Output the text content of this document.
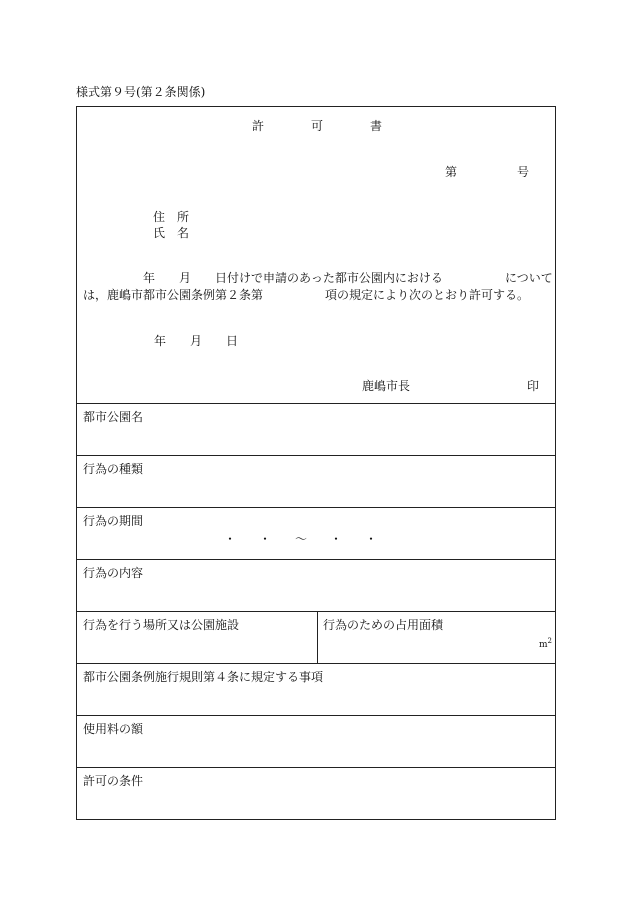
様式第９号(第２条関係)
許	可	書
第	号
住　所
氏　名
年 月 日付けで申請のあった都市公園内における	について
は，鹿嶋市都市公園条例第２条第	項の規定により次のとおり許可する。
年 月 日
鹿嶋市長	印
都市公園名
行為の種類
行為の期間
・ ・ 〜 ・ ・
行為の内容
行為を行う場所又は公園施設	行為のための占用面積
$m^2$
都市公園条例施行規則第４条に規定する事項
使用料の額
許可の条件
